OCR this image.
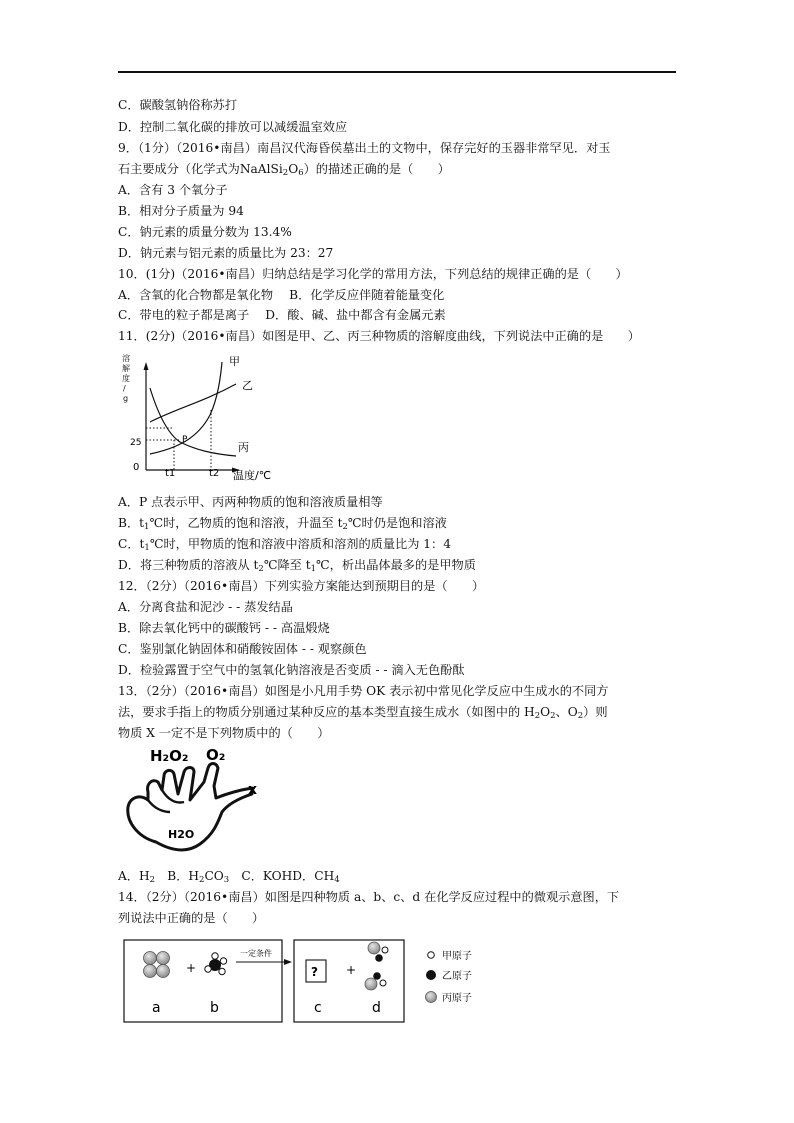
C．碳酸氢钠俗称苏打
D．控制二氧化碳的排放可以减缓温室效应
9．（1分）（2016•南昌）南昌汉代海昏侯墓出土的文物中，保存完好的玉器非常罕见．对玉
石主要成分（化学式为$NaAlSi_2O_6$）的描述正确的是（　　）
A．含有 3 个氧分子
B．相对分子质量为 94
C．钠元素的质量分数为 13.4%
D．钠元素与铝元素的质量比为 23：27
10．(1分)（2016•南昌）归纳总结是学习化学的常用方法，下列总结的规律正确的是（　　）
A．含氧的化合物都是氧化物　 B．化学反应伴随着能量变化
C．带电的粒子都是离子　 D．酸、碱、盐中都含有金属元素
11．(2分)（2016•南昌）如图是甲、乙、丙三种物质的溶解度曲线，下列说法中正确的是　　）
溶
解
度
/
g
0
25
甲
乙
丙
P
t1	t2 温度/℃
A．P 点表示甲、丙两种物质的饱和溶液质量相等
B．$t_1℃$时，乙物质的饱和溶液，升温至 $t_2℃$时仍是饱和溶液
C．$t_1℃$时，甲物质的饱和溶液中溶质和溶剂的质量比为 1：4
D．将三种物质的溶液从 $t_2℃$降至 $t_1℃$，析出晶体最多的是甲物质
12．（2分）（2016•南昌）下列实验方案能达到预期目的是（　　）
A．分离食盐和泥沙 - - 蒸发结晶
B．除去氧化钙中的碳酸钙 - - 高温煅烧
C．鉴别氯化钠固体和硝酸铵固体 - - 观察颜色
D．检验露置于空气中的氢氧化钠溶液是否变质 - - 滴入无色酚酞
13．（2分）（2016•南昌）如图是小凡用手势 OK 表示初中常见化学反应中生成水的不同方
法，要求手指上的物质分别通过某种反应的基本类型直接生成水（如图中的 $H_2O_2$、$O_2$）则
物质 X 一定不是下列物质中的（　　）
H₂O₂ O₂
x
H2O
A．$H_2$　B．$H_2CO_3$　C．KOHD．$CH_4$
14．（2分）（2016•南昌）如图是四种物质 a、b、c、d 在化学反应过程中的微观示意图，下
列说法中正确的是（　　）
+
a	b
一定条件
? +
c	d
甲原子
乙原子
丙原子
